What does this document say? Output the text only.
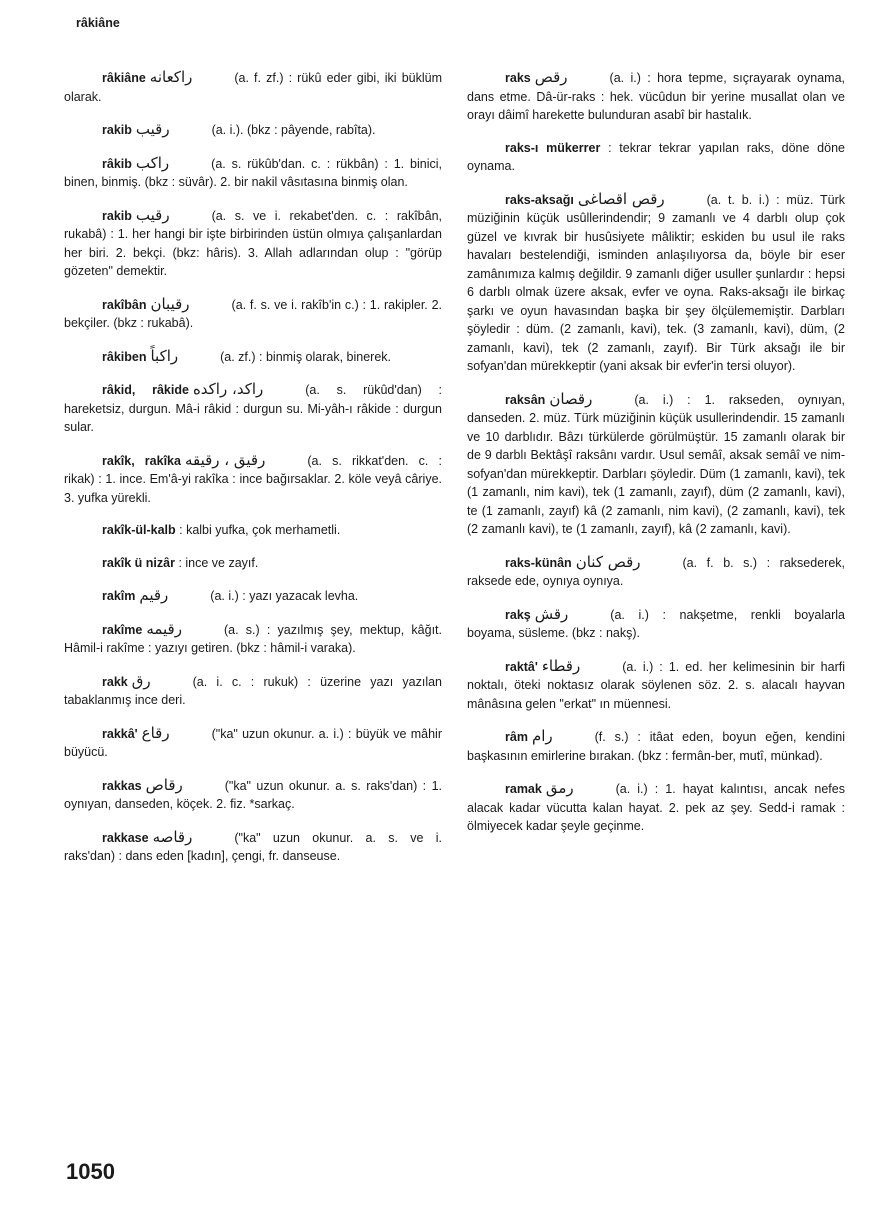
râkiâne
râkiâne راكعانه	(a. f. zf.) : rükû eder gibi, iki büklüm olarak.
rakib رقيب	(a. i.). (bkz : pâyende, rabîta).
râkib راكب	(a. s. rükûb'dan. c. : rükbân) : 1. binici, binen, binmiş. (bkz : süvâr). 2. bir nakil vâsıtasına binmiş olan.
rakib رقيب	(a. s. ve i. rekabet'den. c. : rakîbân, rukabâ) : 1. her hangi bir işte birbirinden üstün olmıya çalışanlardan her biri. 2. bekçi. (bkz: hâris). 3. Allah adlarından olup : "görüp gözeten" demektir.
rakîbân رقيبان	(a. f. s. ve i. rakîb'in c.) : 1. rakipler. 2. bekçiler. (bkz : rukabâ).
râkiben راكباً	(a. zf.) : binmiş olarak, binerek.
râkid, râkide راكد، راكده	(a. s. rükûd'dan) : hareketsiz, durgun. Mâ-i râkid : durgun su. Mi-yâh-ı râkide : durgun sular.
rakîk, rakîka رقيق ، رقيقه	(a. s. rikkat'den. c. : rikak) : 1. ince. Em'â-yi rakîka : ince bağırsaklar. 2. köle veyâ câriye. 3. yufka yürekli.
rakîk-ül-kalb : kalbi yufka, çok merhametli.
rakîk ü nizâr : ince ve zayıf.
rakîm رقيم	(a. i.) : yazı yazacak levha.
rakîme رقيمه	(a. s.) : yazılmış şey, mektup, kâğıt. Hâmil-i rakîme : yazıyı getiren. (bkz : hâmil-i varaka).
rakk رق	(a. i. c. : rukuk) : üzerine yazı yazılan tabaklanmış ince deri.
rakkâ' رقاع	("ka" uzun okunur. a. i.) : büyük ve mâhir büyücü.
rakkas رقاص	("ka" uzun okunur. a. s. raks'dan) : 1. oynıyan, danseden, köçek. 2. fiz. *sarkaç.
rakkase رقاصه	("ka" uzun okunur. a. s. ve i. raks'dan) : dans eden [kadın], çengi, fr. danseuse.
raks رقص	(a. i.) : hora tepme, sıçrayarak oynama, dans etme. Dâ-ür-raks : hek. vücûdun bir yerine musallat olan ve orayı dâimî harekette bulunduran asabî bir hastalık.
raks-ı mükerrer : tekrar tekrar yapılan raks, döne döne oynama.
raks-aksağı رقص اقصاغى	(a. t. b. i.) : müz. Türk müziğinin küçük usûllerindendir; 9 zamanlı ve 4 darblı olup çok güzel ve kıvrak bir husûsiyete mâliktir; eskiden bu usul ile raks havaları bestelendiği, isminden anlaşılıyorsa da, böyle bir eser zamânımıza kalmış değildir. 9 zamanlı diğer usuller şunlardır : hepsi 6 darblı olmak üzere aksak, evfer ve oyna. Raks-aksağı ile birkaç şarkı ve oyun havasından başka bir şey ölçülememiştir. Darbları şöyledir : düm. (2 zamanlı, kavi), tek. (3 zamanlı, kavi), düm, (2 zamanlı, kavi), tek (2 zamanlı, zayıf). Bir Türk aksağı ile bir sofyan'dan mürekkeptir (yani aksak bir evfer'in tersi oluyor).
raksân رقصان	(a. i.) : 1. rakseden, oynıyan, danseden. 2. müz. Türk müziğinin küçük usullerindendir. 15 zamanlı ve 10 darblıdır. Bâzı türkülerde görülmüştür. 15 zamanlı olarak bir de 9 darblı Bektâşî raksânı vardır. Usul semâî, aksak semâî ve nim-sofyan'dan mürekkeptir. Darbları şöyledir. Düm (1 zamanlı, kavi), tek (1 zamanlı, nim kavi), tek (1 zamanlı, zayıf), düm (2 zamanlı, kavi), te (1 zamanlı, zayıf) kâ (2 zamanlı, nim kavi), (2 zamanlı, kavi), tek (2 zamanlı kavi), te (1 zamanlı, zayıf), kâ (2 zamanlı, kavi).
raks-künân رقص كنان	(a. f. b. s.) : raksederek, raksede ede, oynıya oynıya.
rakş رقش	(a. i.) : nakşetme, renkli boyalarla boyama, süsleme. (bkz : nakş).
raktâ' رقطاء	(a. i.) : 1. ed. her kelimesinin bir harfi noktalı, öteki noktasız olarak söylenen söz. 2. s. alacalı hayvan mânâsına gelen "erkat" ın müennesi.
râm رام	(f. s.) : itâat eden, boyun eğen, kendini başkasının emirlerine bırakan. (bkz : fermân-ber, mutî, münkad).
ramak رمق	(a. i.) : 1. hayat kalıntısı, ancak nefes alacak kadar vücutta kalan hayat. 2. pek az şey. Sedd-i ramak : ölmiyecek kadar şeyle geçinme.
1050
